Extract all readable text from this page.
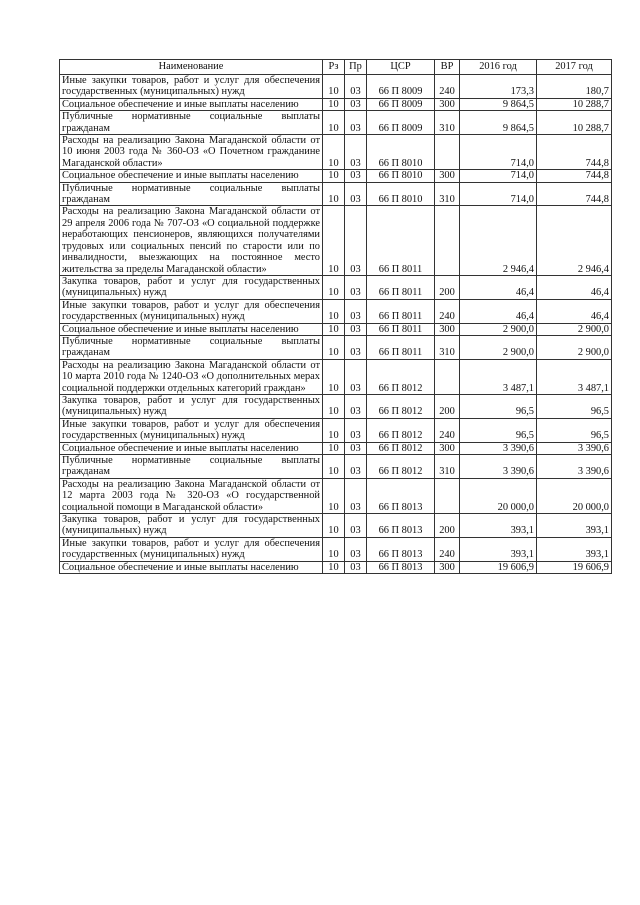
Наименование	Рз	Пр	ЦСР	ВР	2016 год	2017 год
Иные закупки товаров, работ и услуг для обеспечения государственных (муниципальных) нужд	10	03	66 П 8009	240	173,3	180,7
Социальное обеспечение и иные выплаты населению	10	03	66 П 8009	300	9 864,5	10 288,7
Публичные нормативные социальные выплаты гражданам	10	03	66 П 8009	310	9 864,5	10 288,7
Расходы на реализацию Закона Магаданской области от 10 июня 2003 года № 360-ОЗ «О Почетном гражданине Магаданской области»	10	03	66 П 8010		714,0	744,8
Социальное обеспечение и иные выплаты населению	10	03	66 П 8010	300	714,0	744,8
Публичные нормативные социальные выплаты гражданам	10	03	66 П 8010	310	714,0	744,8
Расходы на реализацию Закона Магаданской области от 29 апреля 2006 года № 707-ОЗ «О социальной поддержке неработающих пенсионеров, являющихся получателями трудовых или социальных пенсий по старости или по инвалидности, выезжающих на постоянное место жительства за пределы Магаданской области»	10	03	66 П 8011		2 946,4	2 946,4
Закупка товаров, работ и услуг для государственных (муниципальных) нужд	10	03	66 П 8011	200	46,4	46,4
Иные закупки товаров, работ и услуг для обеспечения государственных (муниципальных) нужд	10	03	66 П 8011	240	46,4	46,4
Социальное обеспечение и иные выплаты населению	10	03	66 П 8011	300	2 900,0	2 900,0
Публичные нормативные социальные выплаты гражданам	10	03	66 П 8011	310	2 900,0	2 900,0
Расходы на реализацию Закона Магаданской области от 10 марта 2010 года № 1240-ОЗ «О дополнительных мерах социальной поддержки отдельных категорий граждан»	10	03	66 П 8012		3 487,1	3 487,1
Закупка товаров, работ и услуг для государственных (муниципальных) нужд	10	03	66 П 8012	200	96,5	96,5
Иные закупки товаров, работ и услуг для обеспечения государственных (муниципальных) нужд	10	03	66 П 8012	240	96,5	96,5
Социальное обеспечение и иные выплаты населению	10	03	66 П 8012	300	3 390,6	3 390,6
Публичные нормативные социальные выплаты гражданам	10	03	66 П 8012	310	3 390,6	3 390,6
Расходы на реализацию Закона Магаданской области от 12 марта 2003 года № 320-ОЗ «О государственной социальной помощи в Магаданской области»	10	03	66 П 8013		20 000,0	20 000,0
Закупка товаров, работ и услуг для государственных (муниципальных) нужд	10	03	66 П 8013	200	393,1	393,1
Иные закупки товаров, работ и услуг для обеспечения государственных (муниципальных) нужд	10	03	66 П 8013	240	393,1	393,1
Социальное обеспечение и иные выплаты населению	10	03	66 П 8013	300	19 606,9	19 606,9
